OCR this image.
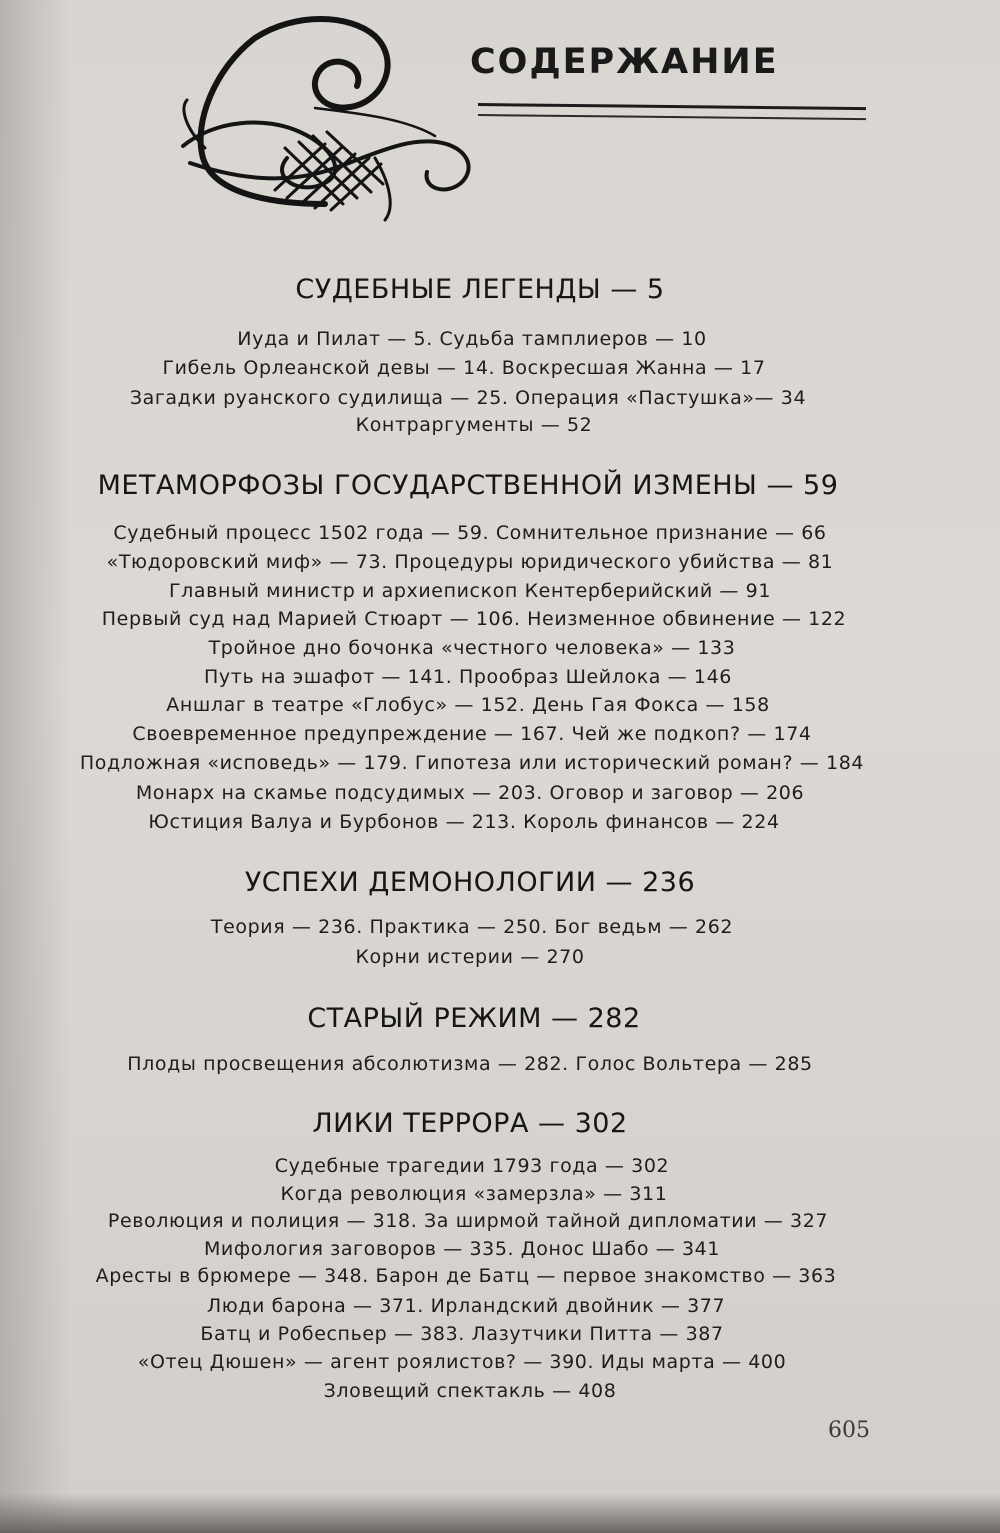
СОДЕРЖАНИЕ
СУДЕБНЫЕ ЛЕГЕНДЫ — 5
Иуда и Пилат — 5. Судьба тамплиеров — 10
Гибель Орлеанской девы — 14. Воскресшая Жанна — 17
Загадки руанского судилища — 25. Операция «Пастушка»— 34
Контраргументы — 52
МЕТАМОРФОЗЫ ГОСУДАРСТВЕННОЙ ИЗМЕНЫ — 59
Судебный процесс 1502 года — 59. Сомнительное признание — 66
«Тюдоровский миф» — 73. Процедуры юридического убийства — 81
Главный министр и архиепископ Кентерберийский — 91
Первый суд над Марией Стюарт — 106. Неизменное обвинение — 122
Тройное дно бочонка «честного человека» — 133
Путь на эшафот — 141. Прообраз Шейлока — 146
Аншлаг в театре «Глобус» — 152. День Гая Фокса — 158
Своевременное предупреждение — 167. Чей же подкоп? — 174
Подложная «исповедь» — 179. Гипотеза или исторический роман? — 184
Монарх на скамье подсудимых — 203. Оговор и заговор — 206
Юстиция Валуа и Бурбонов — 213. Король финансов — 224
УСПЕХИ ДЕМОНОЛОГИИ — 236
Теория — 236. Практика — 250. Бог ведьм — 262
Корни истерии — 270
СТАРЫЙ РЕЖИМ — 282
Плоды просвещения абсолютизма — 282. Голос Вольтера — 285
ЛИКИ ТЕРРОРА — 302
Судебные трагедии 1793 года — 302
Когда революция «замерзла» — 311
Революция и полиция — 318. За ширмой тайной дипломатии — 327
Мифология заговоров — 335. Донос Шабо — 341
Аресты в брюмере — 348. Барон де Батц — первое знакомство — 363
Люди барона — 371. Ирландский двойник — 377
Батц и Робеспьер — 383. Лазутчики Питта — 387
«Отец Дюшен» — агент роялистов? — 390. Иды марта — 400
Зловещий спектакль — 408
605
